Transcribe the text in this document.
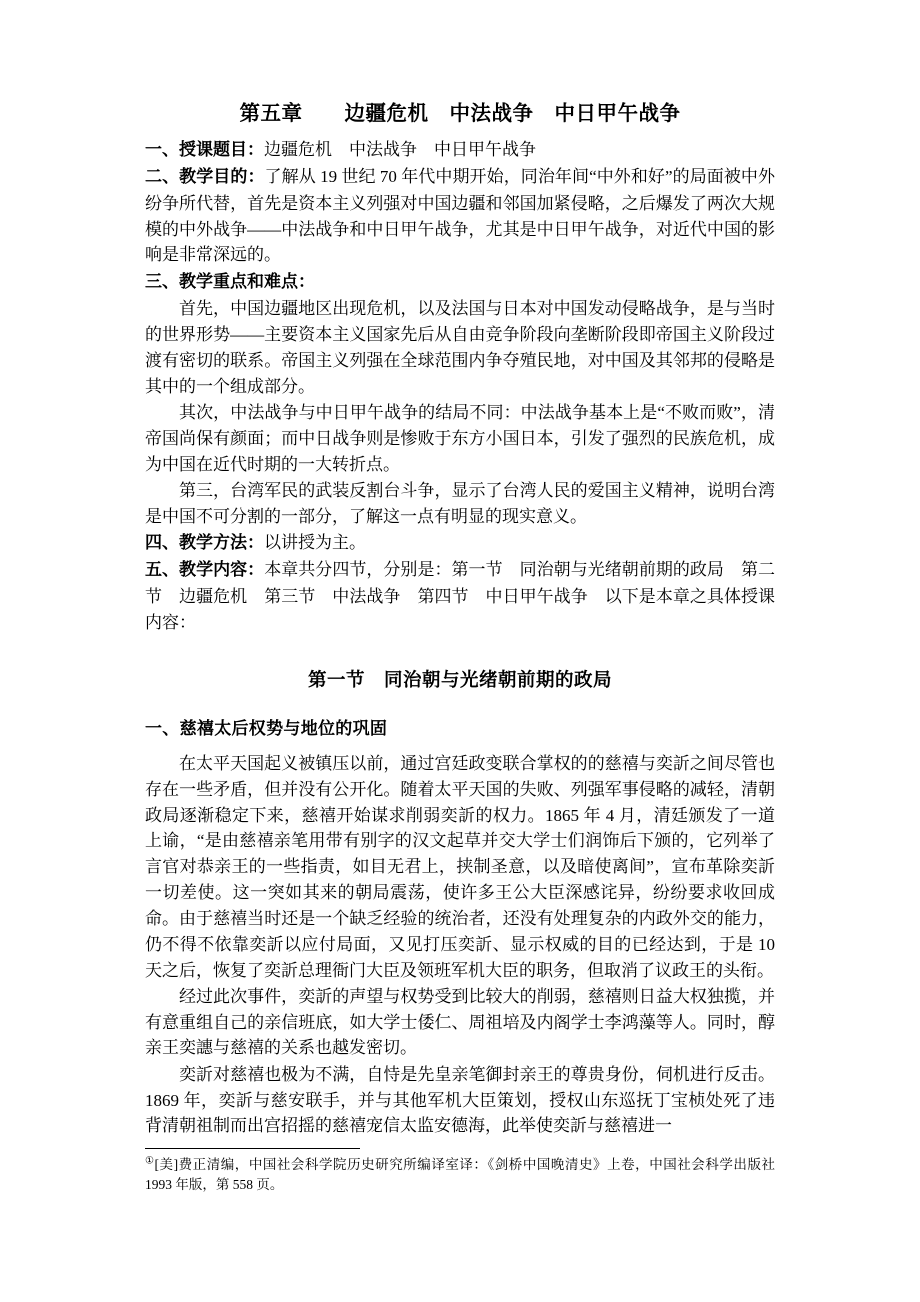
第五章　　边疆危机　中法战争　中日甲午战争

一、授课题目：边疆危机　中法战争　中日甲午战争

二、教学目的：了解从 19 世纪 70 年代中期开始，同治年间“中外和好”的局面被中外纷争所代替，首先是资本主义列强对中国边疆和邻国加紧侵略，之后爆发了两次大规模的中外战争——中法战争和中日甲午战争，尤其是中日甲午战争，对近代中国的影响是非常深远的。

三、教学重点和难点：

首先，中国边疆地区出现危机，以及法国与日本对中国发动侵略战争，是与当时的世界形势——主要资本主义国家先后从自由竞争阶段向垄断阶段即帝国主义阶段过渡有密切的联系。帝国主义列强在全球范围内争夺殖民地，对中国及其邻邦的侵略是其中的一个组成部分。

其次，中法战争与中日甲午战争的结局不同：中法战争基本上是“不败而败”，清帝国尚保有颜面；而中日战争则是惨败于东方小国日本，引发了强烈的民族危机，成为中国在近代时期的一大转折点。

第三，台湾军民的武装反割台斗争，显示了台湾人民的爱国主义精神，说明台湾是中国不可分割的一部分，了解这一点有明显的现实意义。

四、教学方法：以讲授为主。

五、教学内容：本章共分四节，分别是：第一节　同治朝与光绪朝前期的政局　第二节　边疆危机　第三节　中法战争　第四节　中日甲午战争　以下是本章之具体授课内容：

第一节　同治朝与光绪朝前期的政局
一、慈禧太后权势与地位的巩固

在太平天国起义被镇压以前，通过宫廷政变联合掌权的的慈禧与奕訢之间尽管也存在一些矛盾，但并没有公开化。随着太平天国的失败、列强军事侵略的减轻，清朝政局逐渐稳定下来，慈禧开始谋求削弱奕訢的权力。1865 年 4 月，清廷颁发了一道上谕，“是由慈禧亲笔用带有别字的汉文起草并交大学士们润饰后下颁的，它列举了言官对恭亲王的一些指责，如目无君上，挟制圣意，以及暗使离间”，宣布革除奕訢一切差使。这一突如其来的朝局震荡，使许多王公大臣深感诧异，纷纷要求收回成命。由于慈禧当时还是一个缺乏经验的统治者，还没有处理复杂的内政外交的能力，仍不得不依靠奕訢以应付局面，又见打压奕訢、显示权威的目的已经达到，于是 10 天之后，恢复了奕訢总理衙门大臣及领班军机大臣的职务，但取消了议政王的头衔。

经过此次事件，奕訢的声望与权势受到比较大的削弱，慈禧则日益大权独揽，并有意重组自己的亲信班底，如大学士倭仁、周祖培及内阁学士李鸿藻等人。同时，醇亲王奕譓与慈禧的关系也越发密切。

奕訢对慈禧也极为不满，自恃是先皇亲笔御封亲王的尊贵身份，伺机进行反击。1869 年，奕訢与慈安联手，并与其他军机大臣策划，授权山东巡抚丁宝桢处死了违背清朝祖制而出宫招摇的慈禧宠信太监安德海，此举使奕訢与慈禧进一

①[美]费正清编，中国社会科学院历史研究所编译室译：《剑桥中国晚清史》上卷，中国社会科学出版社 1993 年版，第 558 页。
